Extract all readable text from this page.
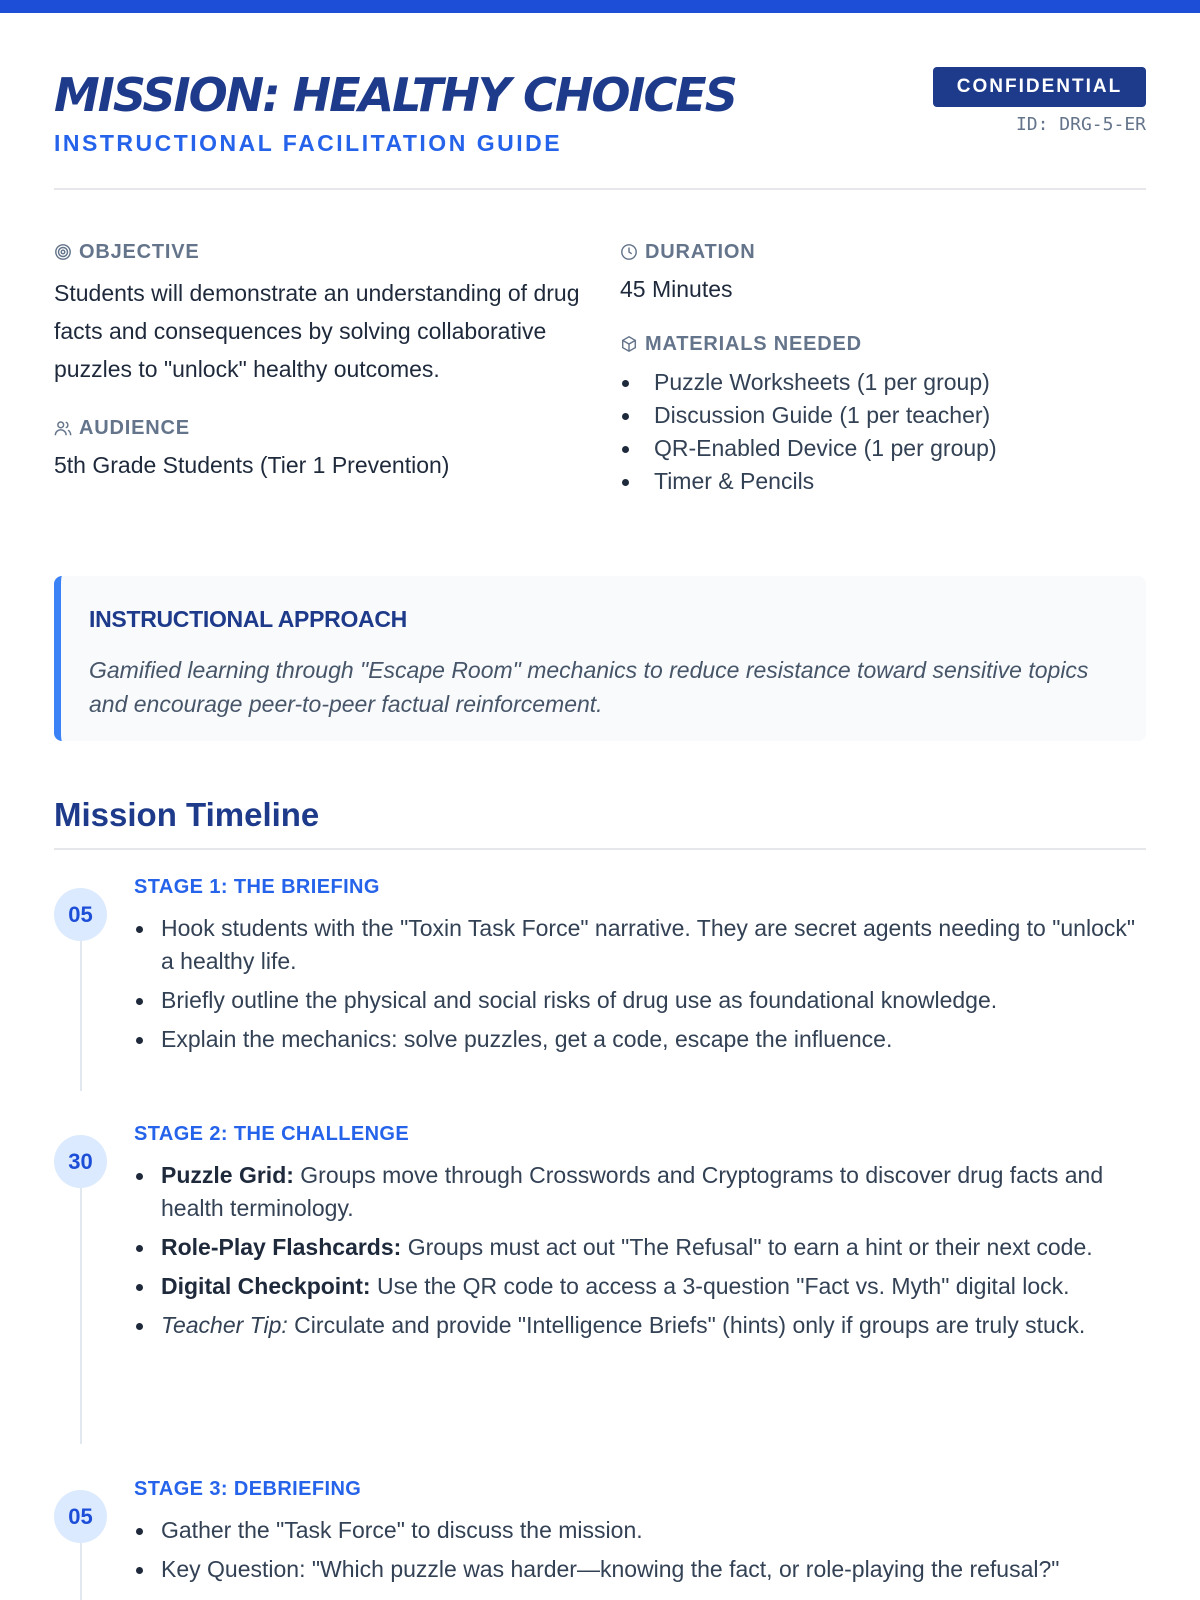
MISSION: HEALTHY CHOICES
INSTRUCTIONAL FACILITATION GUIDE
CONFIDENTIAL
ID: DRG-5-ER
OBJECTIVE

Students will demonstrate an understanding of drug facts and consequences by solving collaborative puzzles to "unlock" healthy outcomes.

AUDIENCE

5th Grade Students (Tier 1 Prevention)

DURATION

45 Minutes

MATERIALS NEEDED
Puzzle Worksheets (1 per group)
Discussion Guide (1 per teacher)
QR-Enabled Device (1 per group)
Timer & Pencils
INSTRUCTIONAL APPROACH

Gamified learning through "Escape Room" mechanics to reduce resistance toward sensitive topics and encourage peer-to-peer factual reinforcement.

Mission Timeline
05
STAGE 1: THE BRIEFING
Hook students with the "Toxin Task Force" narrative. They are secret agents needing to "unlock" a healthy life.
Briefly outline the physical and social risks of drug use as foundational knowledge.
Explain the mechanics: solve puzzles, get a code, escape the influence.
30
STAGE 2: THE CHALLENGE
Puzzle Grid: Groups move through Crosswords and Cryptograms to discover drug facts and health terminology.
Role-Play Flashcards: Groups must act out "The Refusal" to earn a hint or their next code.
Digital Checkpoint: Use the QR code to access a 3-question "Fact vs. Myth" digital lock.
Teacher Tip: Circulate and provide "Intelligence Briefs" (hints) only if groups are truly stuck.
05
STAGE 3: DEBRIEFING
Gather the "Task Force" to discuss the mission.
Key Question: "Which puzzle was harder—knowing the fact, or role-playing the refusal?"
